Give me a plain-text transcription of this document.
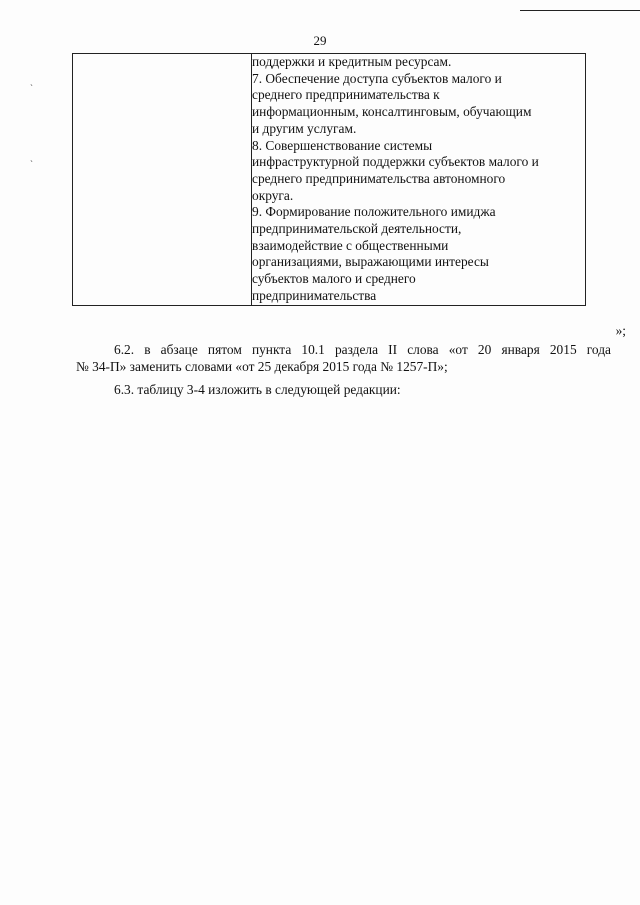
29
ˏ
ˏ

поддержки и кредитным ресурсам.
7. Обеспечение доступа субъектов малого и
среднего предпринимательства к
информационным, консалтинговым, обучающим
и другим услугам.
8. Совершенствование системы
инфраструктурной поддержки субъектов малого и
среднего предпринимательства автономного
округа.
9. Формирование положительного имиджа
предпринимательской деятельности,
взаимодействие с общественными
организациями, выражающими интересы
субъектов малого и среднего
предпринимательства
»;
6.2. в абзаце пятом пункта 10.1 раздела II слова «от 20 января 2015 года
№ 34-П» заменить словами «от 25 декабря 2015 года № 1257-П»;
6.3. таблицу 3-4 изложить в следующей редакции:
